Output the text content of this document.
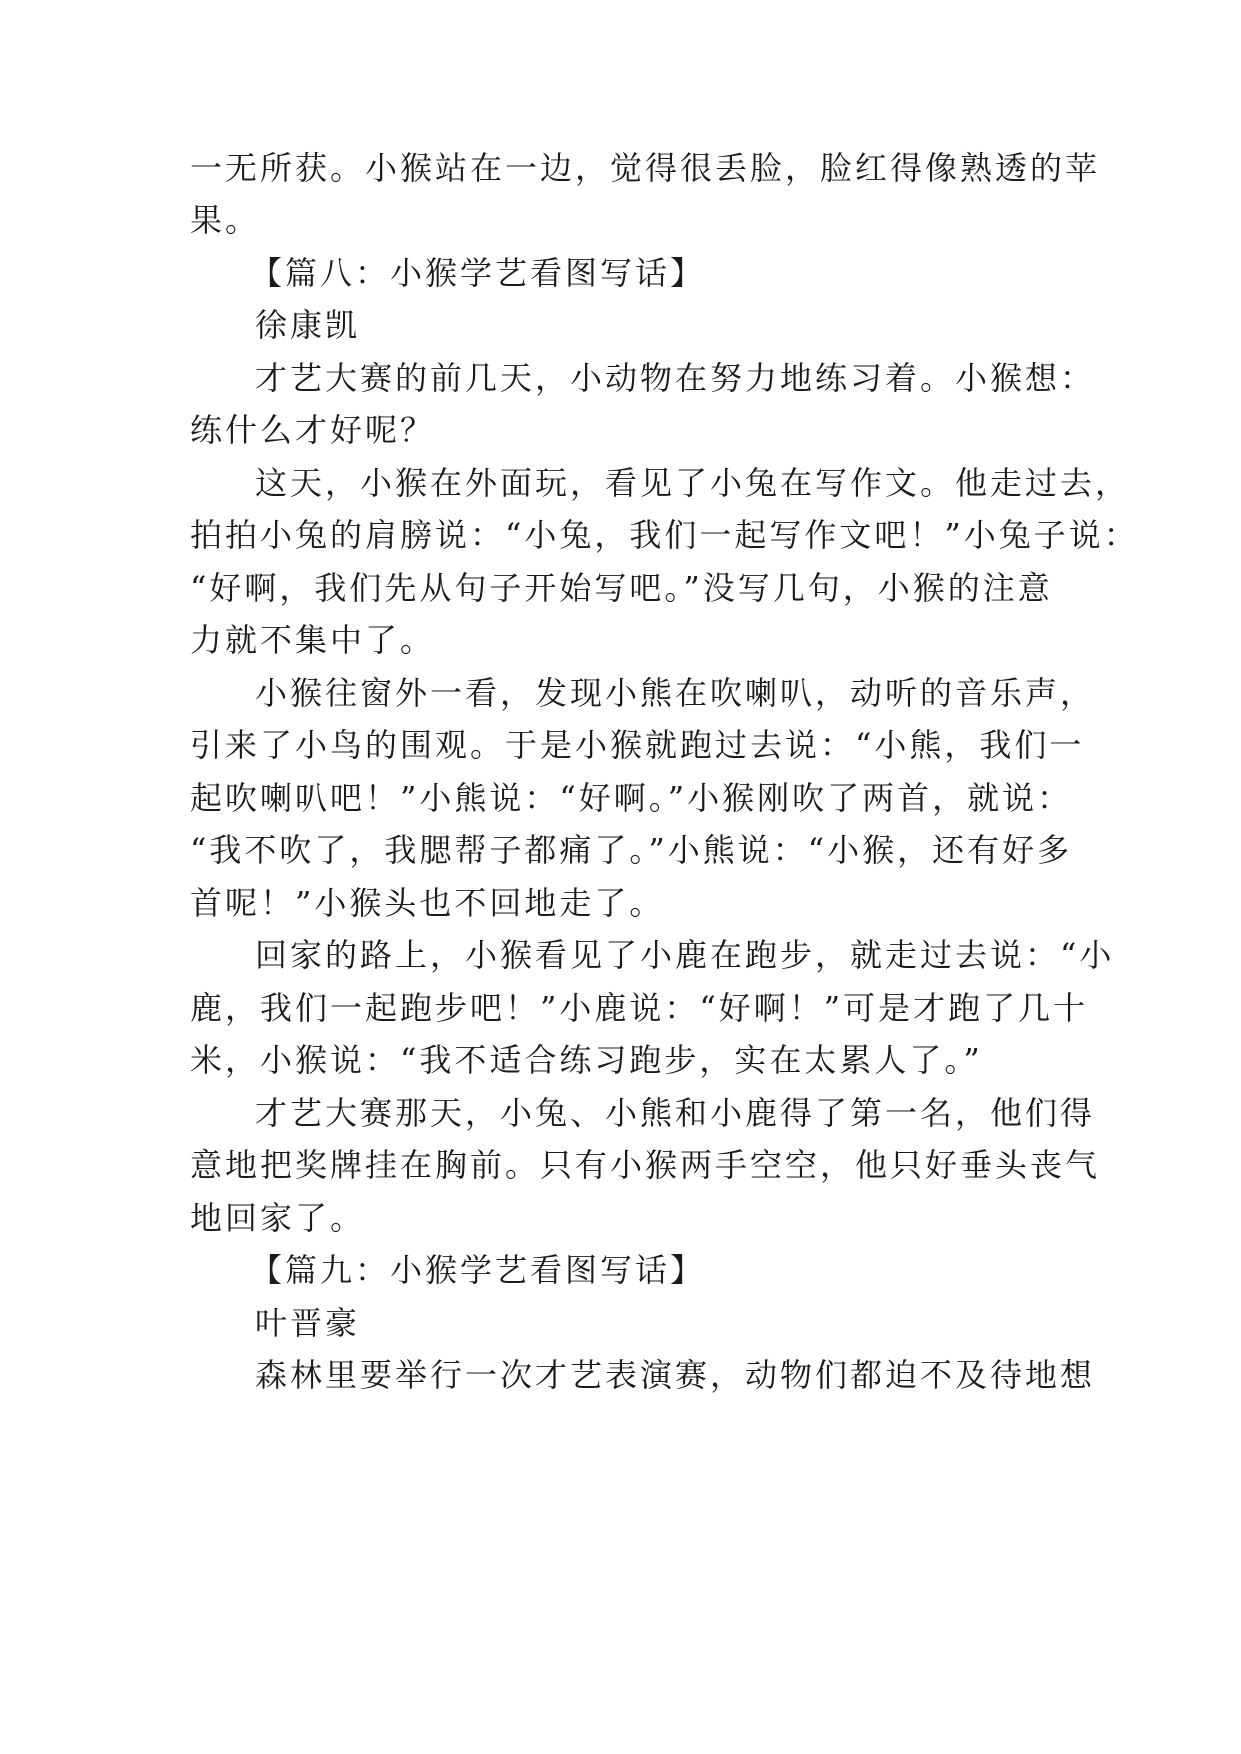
一无所获。小猴站在一边，觉得很丢脸，脸红得像熟透的苹
果。
【篇八：小猴学艺看图写话】
徐康凯
才艺大赛的前几天，小动物在努力地练习着。小猴想：
练什么才好呢？
这天，小猴在外面玩，看见了小兔在写作文。他走过去，
拍拍小兔的肩膀说：“小兔，我们一起写作文吧！”小兔子说：
“好啊，我们先从句子开始写吧。”没写几句，小猴的注意
力就不集中了。
小猴往窗外一看，发现小熊在吹喇叭，动听的音乐声，
引来了小鸟的围观。于是小猴就跑过去说：“小熊，我们一
起吹喇叭吧！”小熊说：“好啊。”小猴刚吹了两首，就说：
“我不吹了，我腮帮子都痛了。”小熊说：“小猴，还有好多
首呢！”小猴头也不回地走了。
回家的路上，小猴看见了小鹿在跑步，就走过去说：“小
鹿，我们一起跑步吧！”小鹿说：“好啊！”可是才跑了几十
米，小猴说：“我不适合练习跑步，实在太累人了。”
才艺大赛那天，小兔、小熊和小鹿得了第一名，他们得
意地把奖牌挂在胸前。只有小猴两手空空，他只好垂头丧气
地回家了。
【篇九：小猴学艺看图写话】
叶晋豪
森林里要举行一次才艺表演赛，动物们都迫不及待地想
